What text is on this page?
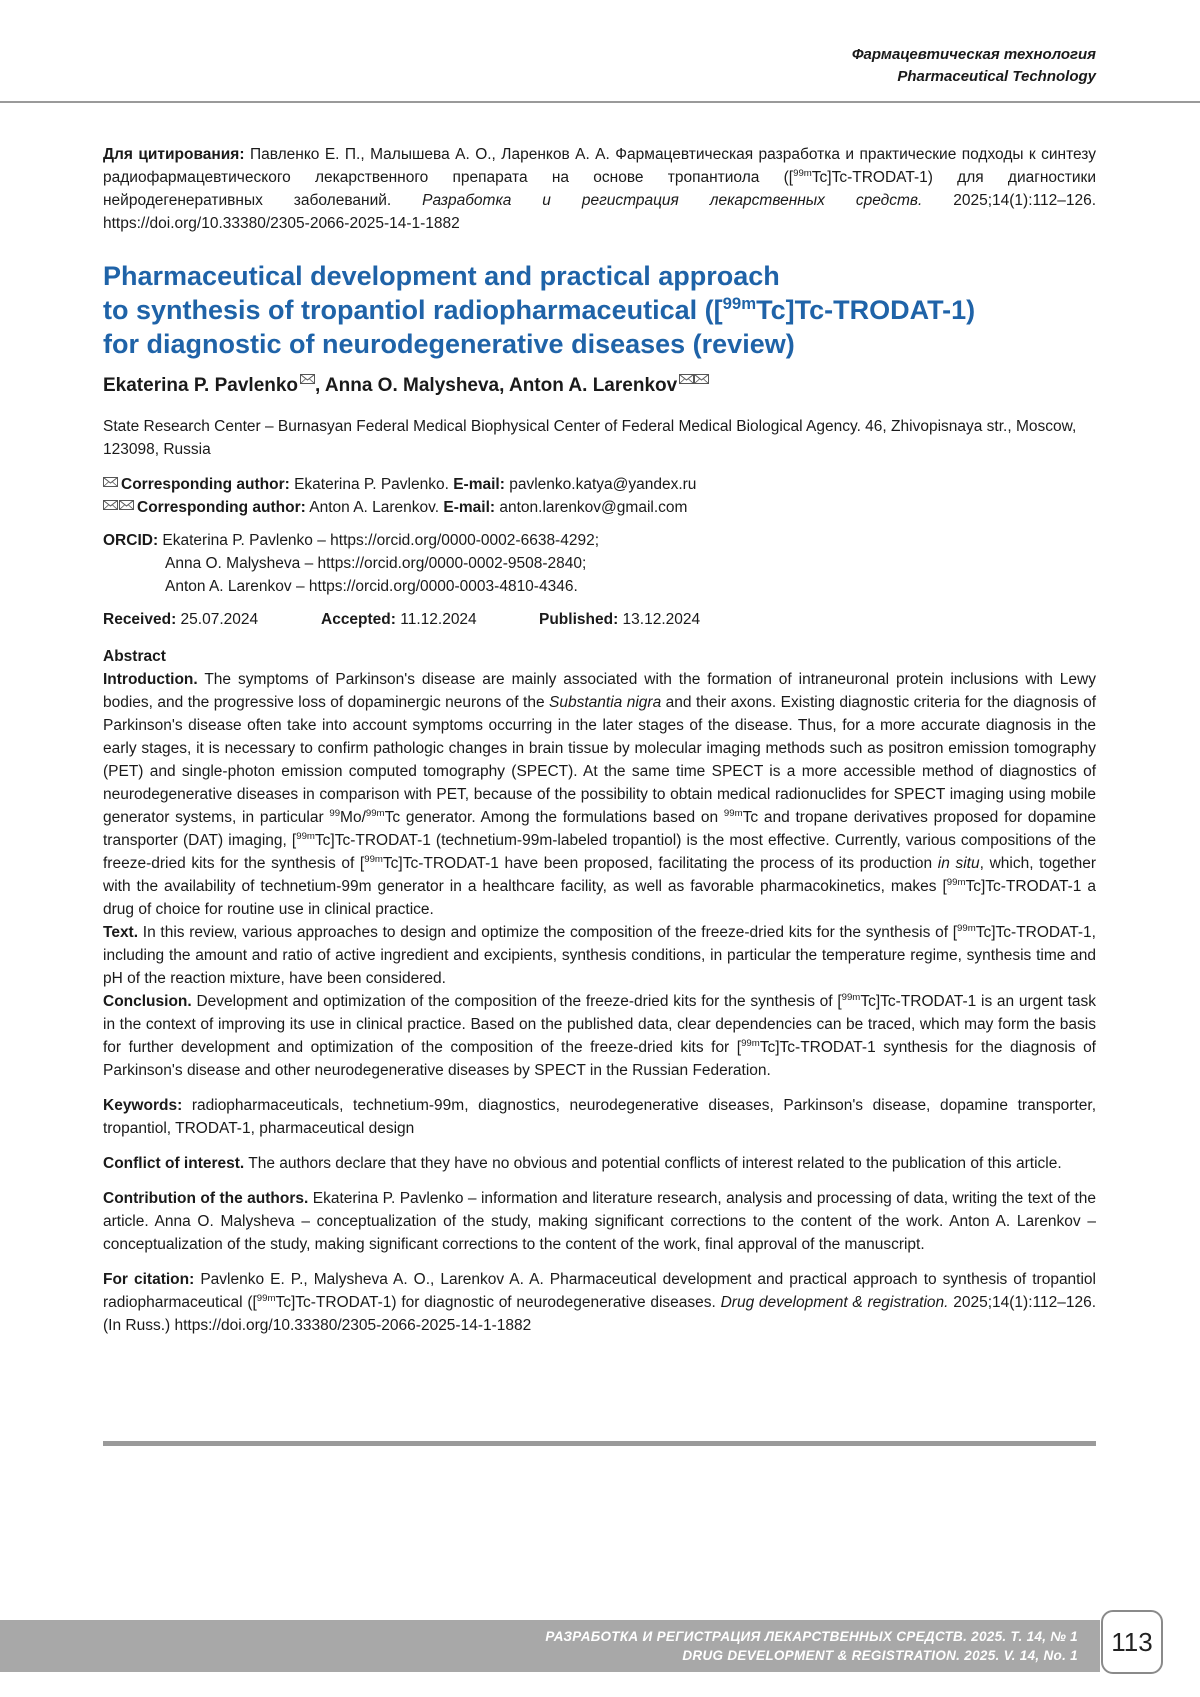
Фармацевтическая технология
Pharmaceutical Technology

Для цитирования: Павленко Е. П., Малышева А. О., Ларенков А. А. Фармацевтическая разработка и практические подходы к синтезу радиофармацевтического лекарственного препарата на основе тропантиола ([$^{99m}$Tc]Tc-TRODAT-1) для диагностики нейродегенеративных заболеваний. Разработка и регистрация лекарственных средств. 2025;14(1):112–126. https://doi.org/10.33380/2305-2066-2025-14-1-1882

Pharmaceutical development and practical approach
to synthesis of tropantiol radiopharmaceutical ([$^{99m}$Tc]Tc-TRODAT-1)
for diagnostic of neurodegenerative diseases (review)
Ekaterina P. Pavlenko , Anna O. Malysheva, Anton A. Larenkov

State Research Center – Burnasyan Federal Medical Biophysical Center of Federal Medical Biological Agency. 46, Zhivopisnaya str., Moscow, 123098, Russia

Corresponding author: Ekaterina P. Pavlenko. E-mail: pavlenko.katya@yandex.ru
Corresponding author: Anton A. Larenkov. E-mail: anton.larenkov@gmail.com
ORCID: Ekaterina P. Pavlenko – https://orcid.org/0000-0002-6638-4292;
Anna O. Malysheva – https://orcid.org/0000-0002-9508-2840;
Anton A. Larenkov – https://orcid.org/0000-0003-4810-4346.
Received: 25.07.2024	Accepted: 11.12.2024	Published: 13.12.2024

Abstract

Introduction. The symptoms of Parkinson's disease are mainly associated with the formation of intraneuronal protein inclusions with Lewy bodies, and the progressive loss of dopaminergic neurons of the Substantia nigra and their axons. Existing diagnostic criteria for the diagnosis of Parkinson's disease often take into account symptoms occurring in the later stages of the disease. Thus, for a more accurate diagnosis in the early stages, it is necessary to confirm pathologic changes in brain tissue by molecular imaging methods such as positron emission tomography (PET) and single-photon emission computed tomography (SPECT). At the same time SPECT is a more accessible method of diagnostics of neurodegenerative diseases in comparison with PET, because of the possibility to obtain medical radionuclides for SPECT imaging using mobile generator systems, in particular $^{99}$Mo/$^{99m}$Tc generator. Among the formulations based on $^{99m}$Tc and tropane derivatives proposed for dopamine transporter (DAT) imaging, [$^{99m}$Tc]Tc-TRODAT-1 (technetium-99m-labeled tropantiol) is the most effective. Currently, various compositions of the freeze-dried kits for the synthesis of [$^{99m}$Tc]Tc-TRODAT-1 have been proposed, facilitating the process of its production in situ, which, together with the availability of technetium-99m generator in a healthcare facility, as well as favorable pharmacokinetics, makes [$^{99m}$Tc]Tc-TRODAT-1 a drug of choice for routine use in clinical practice.

Text. In this review, various approaches to design and optimize the composition of the freeze-dried kits for the synthesis of [$^{99m}$Tc]Tc-TRODAT-1, including the amount and ratio of active ingredient and excipients, synthesis conditions, in particular the temperature regime, synthesis time and pH of the reaction mixture, have been considered.

Conclusion. Development and optimization of the composition of the freeze-dried kits for the synthesis of [$^{99m}$Tc]Tc-TRODAT-1 is an urgent task in the context of improving its use in clinical practice. Based on the published data, clear dependencies can be traced, which may form the basis for further development and optimization of the composition of the freeze-dried kits for [$^{99m}$Tc]Tc-TRODAT-1 synthesis for the diagnosis of Parkinson's disease and other neurodegenerative diseases by SPECT in the Russian Federation.

Keywords: radiopharmaceuticals, technetium-99m, diagnostics, neurodegenerative diseases, Parkinson's disease, dopamine transporter, tropantiol, TRODAT-1, pharmaceutical design

Conflict of interest. The authors declare that they have no obvious and potential conflicts of interest related to the publication of this article.

Contribution of the authors. Ekaterina P. Pavlenko – information and literature research, analysis and processing of data, writing the text of the article. Anna O. Malysheva – conceptualization of the study, making significant corrections to the content of the work. Anton A. Larenkov – conceptualization of the study, making significant corrections to the content of the work, final approval of the manuscript.

For citation: Pavlenko E. P., Malysheva A. O., Larenkov A. A. Pharmaceutical development and practical approach to synthesis of tropantiol radiopharmaceutical ([$^{99m}$Tc]Tc-TRODAT-1) for diagnostic of neurodegenerative diseases. Drug development & registration. 2025;14(1):112–126. (In Russ.) https://doi.org/10.33380/2305-2066-2025-14-1-1882

РАЗРАБОТКА И РЕГИСТРАЦИЯ ЛЕКАРСТВЕННЫХ СРЕДСТВ. 2025. Т. 14, № 1
DRUG DEVELOPMENT & REGISTRATION. 2025. V. 14, No. 1	113
